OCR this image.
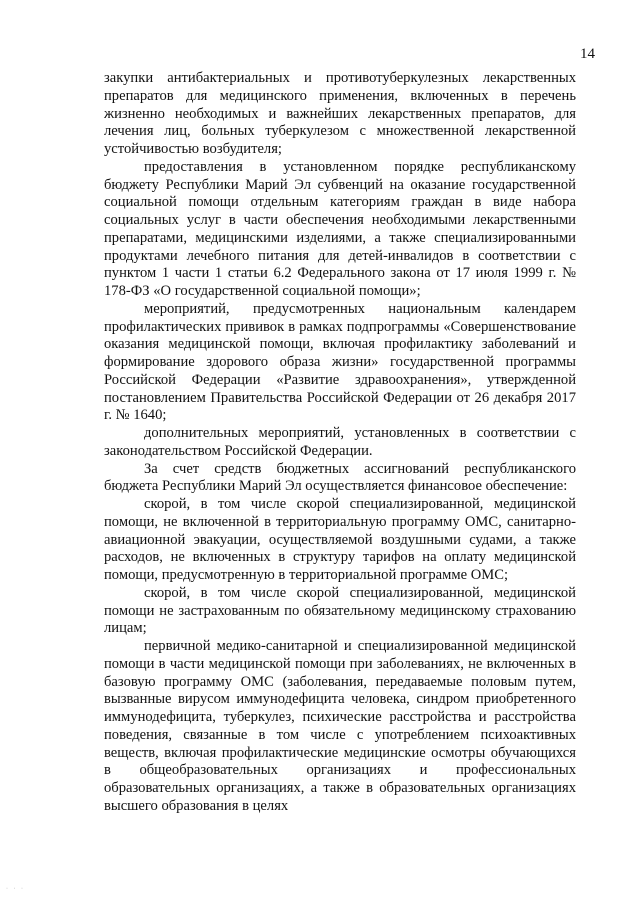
14

закупки антибактериальных и противотуберкулезных лекарственных препаратов для медицинского применения, включенных в перечень жизненно необходимых и важнейших лекарственных препаратов, для лечения лиц, больных туберкулезом с множественной лекарственной устойчивостью возбудителя;

предоставления в установленном порядке республиканскому бюджету Республики Марий Эл субвенций на оказание государственной социальной помощи отдельным категориям граждан в виде набора социальных услуг в части обеспечения необходимыми лекарственными препаратами, медицинскими изделиями, а также специализированными продуктами лечебного питания для детей-инвалидов в соответствии с пунктом 1 части 1 статьи 6.2 Федерального закона от 17 июля 1999 г. № 178-ФЗ «О государственной социальной помощи»;

мероприятий, предусмотренных национальным календарем профилактических прививок в рамках подпрограммы «Совершенствование оказания медицинской помощи, включая профилактику заболеваний и формирование здорового образа жизни» государственной программы Российской Федерации «Развитие здравоохранения», утвержденной постановлением Правительства Российской Федерации от 26 декабря 2017 г. № 1640;

дополнительных мероприятий, установленных в соответствии с законодательством Российской Федерации.

За счет средств бюджетных ассигнований республиканского бюджета Республики Марий Эл осуществляется финансовое обеспечение:

скорой, в том числе скорой специализированной, медицинской помощи, не включенной в территориальную программу ОМС, санитарно-авиационной эвакуации, осуществляемой воздушными судами, а также расходов, не включенных в структуру тарифов на оплату медицинской помощи, предусмотренную в территориальной программе ОМС;

скорой, в том числе скорой специализированной, медицинской помощи не застрахованным по обязательному медицинскому страхованию лицам;

первичной медико-санитарной и специализированной медицинской помощи в части медицинской помощи при заболеваниях, не включенных в базовую программу ОМС (заболевания, передаваемые половым путем, вызванные вирусом иммунодефицита человека, синдром приобретенного иммунодефицита, туберкулез, психические расстройства и расстройства поведения, связанные в том числе с употреблением психоактивных веществ, включая профилактические медицинские осмотры обучающихся в общеобразовательных организациях и профессиональных образовательных организациях, а также в образовательных организациях высшего образования в целях

· · ·
